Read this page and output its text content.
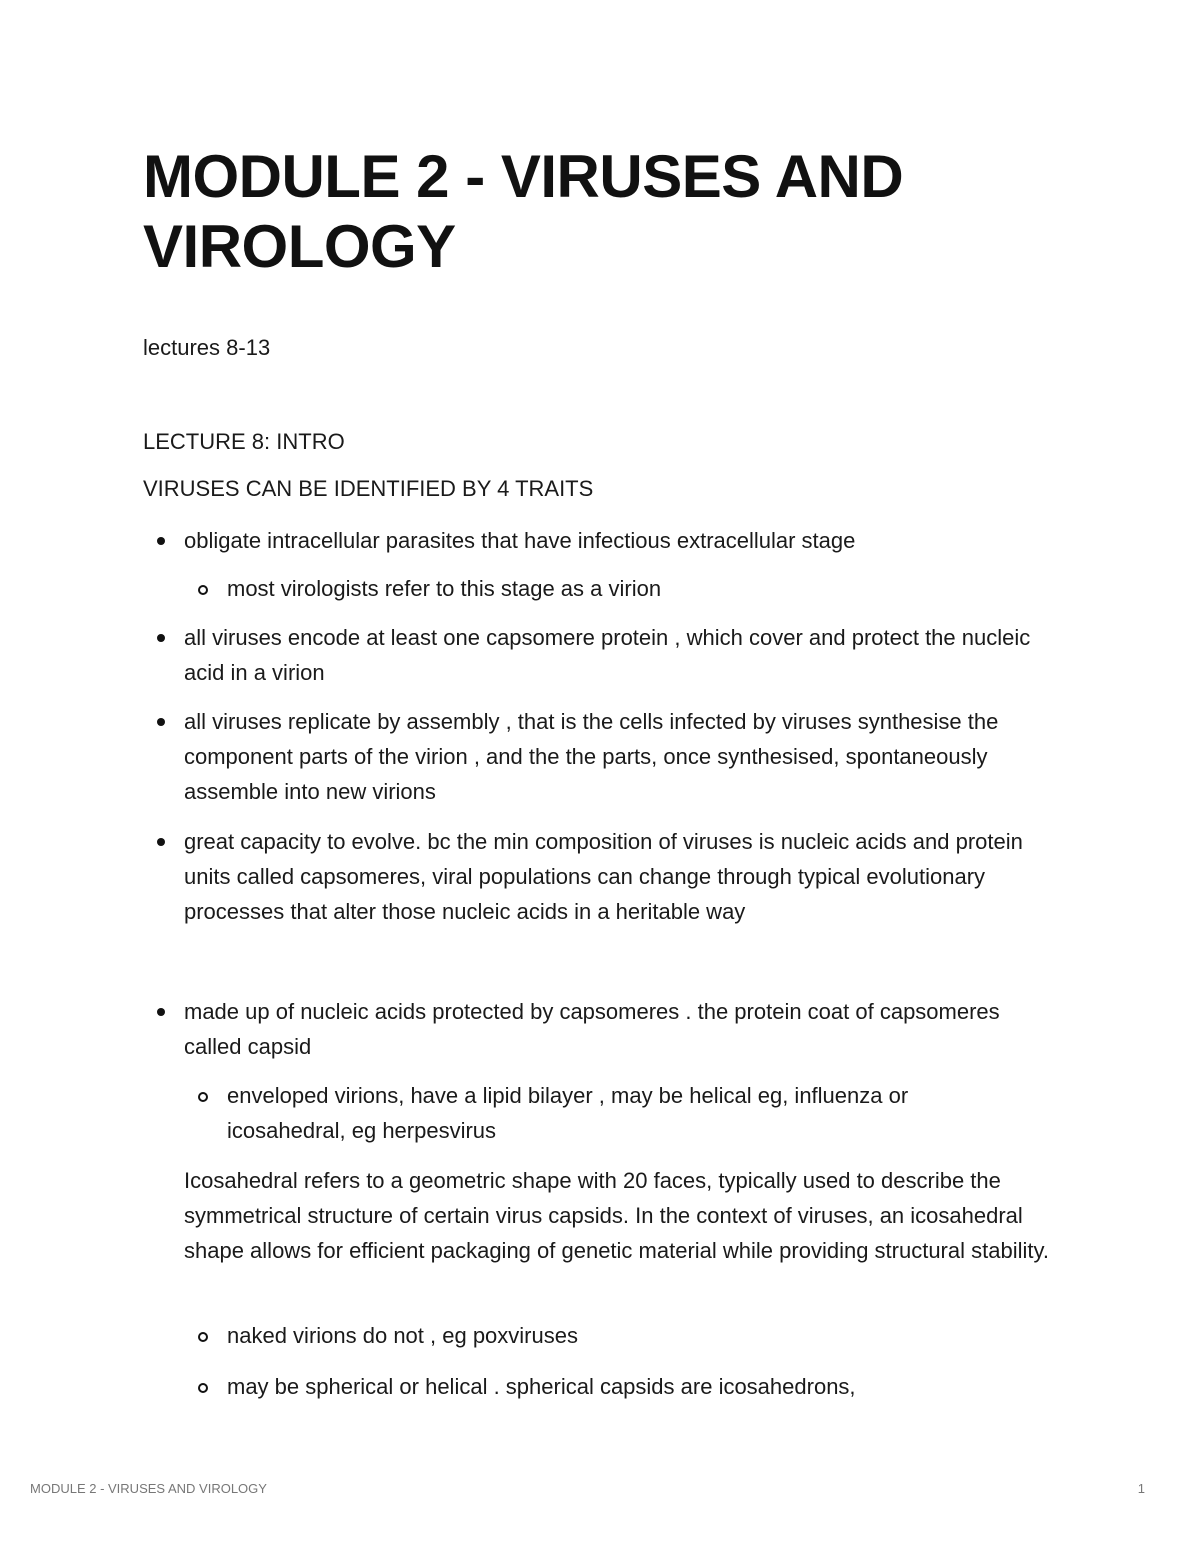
MODULE 2 - VIRUSES AND VIROLOGY

lectures 8-13

LECTURE 8: INTRO

VIRUSES CAN BE IDENTIFIED BY 4 TRAITS

obligate intracellular parasites that have infectious extracellular stage
most virologists refer to this stage as a virion
all viruses encode at least one capsomere protein , which cover and protect the nucleic acid in a virion
all viruses replicate by assembly , that is the cells infected by viruses synthesise the component parts of the virion , and the the parts, once synthesised, spontaneously assemble into new virions
great capacity to evolve. bc the min composition of viruses is nucleic acids and protein units called capsomeres, viral populations can change through typical evolutionary processes that alter those nucleic acids in a heritable way
made up of nucleic acids protected by capsomeres . the protein coat of capsomeres called capsid
enveloped virions, have a lipid bilayer , may be helical eg, influenza or icosahedral, eg herpesvirus

Icosahedral refers to a geometric shape with 20 faces, typically used to describe the symmetrical structure of certain virus capsids. In the context of viruses, an icosahedral shape allows for efficient packaging of genetic material while providing structural stability.

naked virions do not , eg poxviruses
may be spherical or helical . spherical capsids are icosahedrons,
MODULE 2 - VIRUSES AND VIROLOGY	1
